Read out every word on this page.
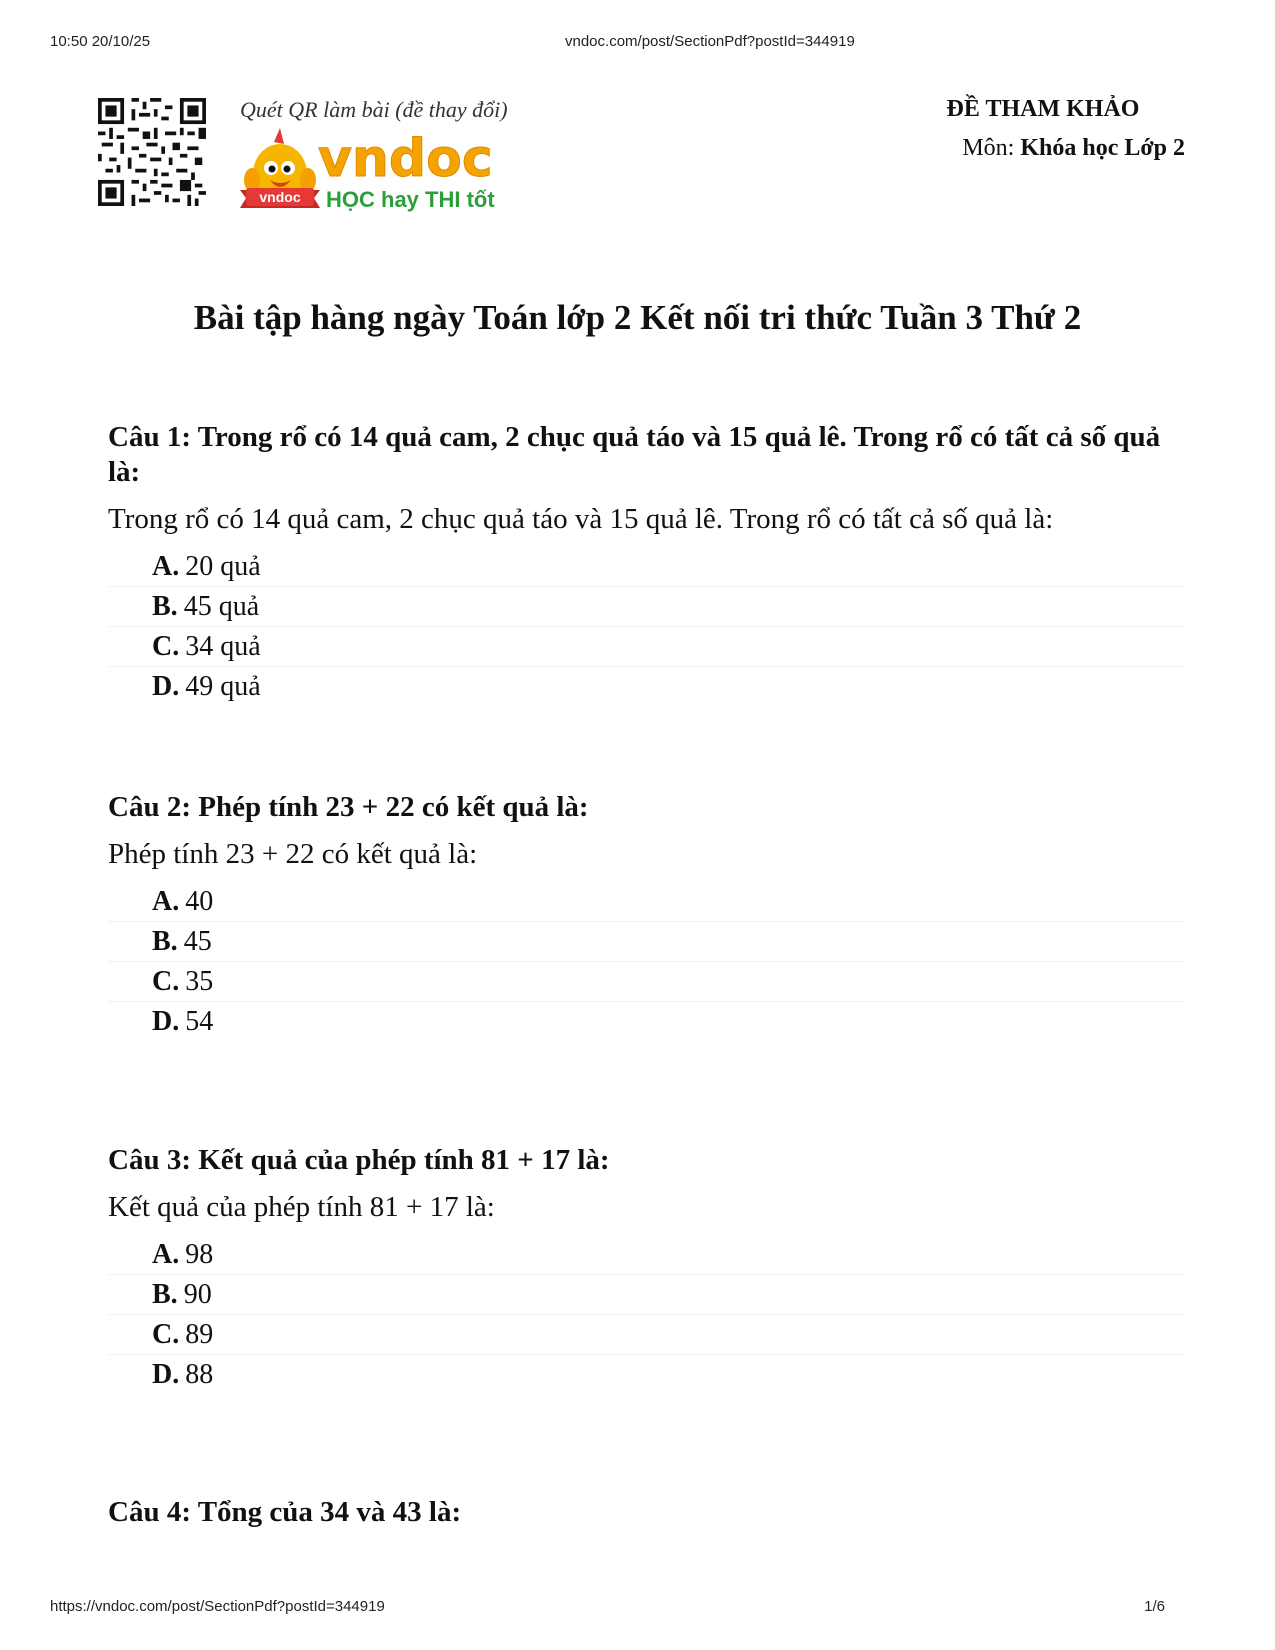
10:50 20/10/25	vndoc.com/post/SectionPdf?postId=344919
Quét QR làm bài (đề thay đổi)
vndoc
vndoc
HỌC hay THI tốt
ĐỀ THAM KHẢO
Môn: Khóa học Lớp 2
Bài tập hàng ngày Toán lớp 2 Kết nối tri thức Tuần 3 Thứ 2

Câu 1: Trong rổ có 14 quả cam, 2 chục quả táo và 15 quả lê. Trong rổ có tất cả số quả là:

Trong rổ có 14 quả cam, 2 chục quả táo và 15 quả lê. Trong rổ có tất cả số quả là:

A. 20 quả
B. 45 quả
C. 34 quả
D. 49 quả

Câu 2: Phép tính 23 + 22 có kết quả là:

Phép tính 23 + 22 có kết quả là:

A. 40
B. 45
C. 35
D. 54

Câu 3: Kết quả của phép tính 81 + 17 là:

Kết quả của phép tính 81 + 17 là:

A. 98
B. 90
C. 89
D. 88

Câu 4: Tổng của 34 và 43 là:

https://vndoc.com/post/SectionPdf?postId=344919	1/6
